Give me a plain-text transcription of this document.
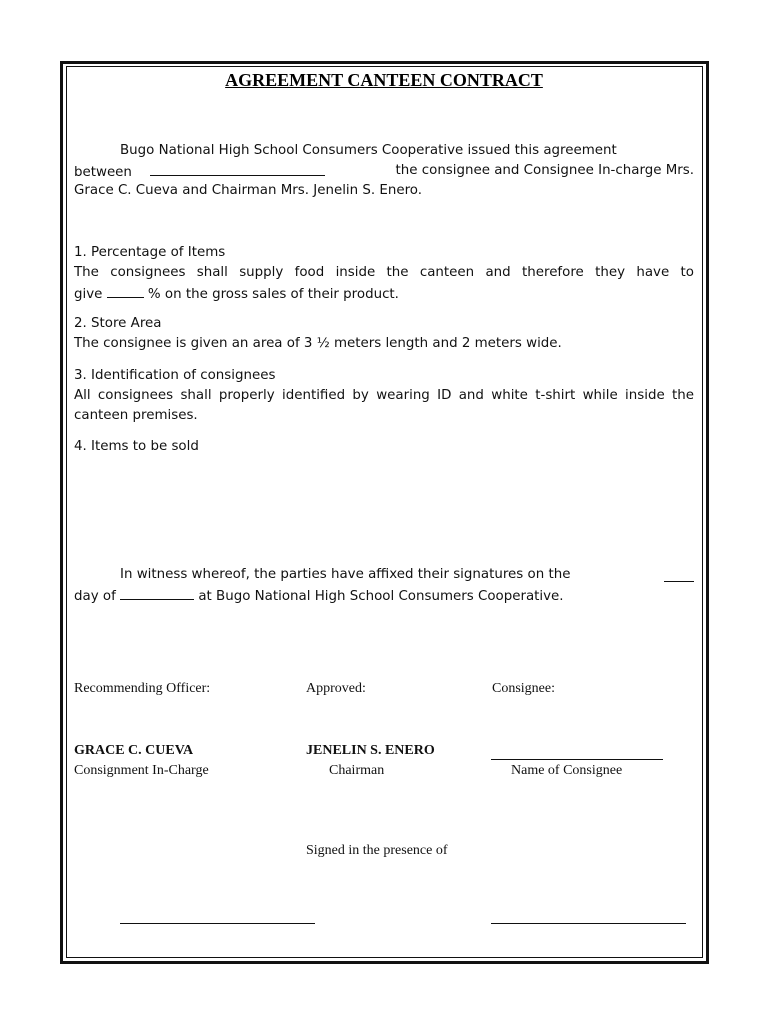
AGREEMENT CANTEEN CONTRACT
Bugo National High School Consumers Cooperative issued this agreement
between	the consignee and Consignee In-charge Mrs.
Grace C. Cueva and Chairman Mrs. Jenelin S. Enero.
1. Percentage of Items
The consignees shall supply food inside the canteen and therefore they have to
give	% on the gross sales of their product.
2. Store Area
The consignee is given an area of 3 ½ meters length and 2 meters wide.
3. Identification of consignees
All consignees shall properly identified by wearing ID and white t-shirt while inside the canteen premises.
4. Items to be sold
In witness whereof, the parties have affixed their signatures on the
day of	at Bugo National High School Consumers Cooperative.
Recommending Officer:	Approved:	Consignee:
GRACE C. CUEVA	JENELIN S. ENERO
Consignment In-Charge	Chairman	Name of Consignee
Signed in the presence of
